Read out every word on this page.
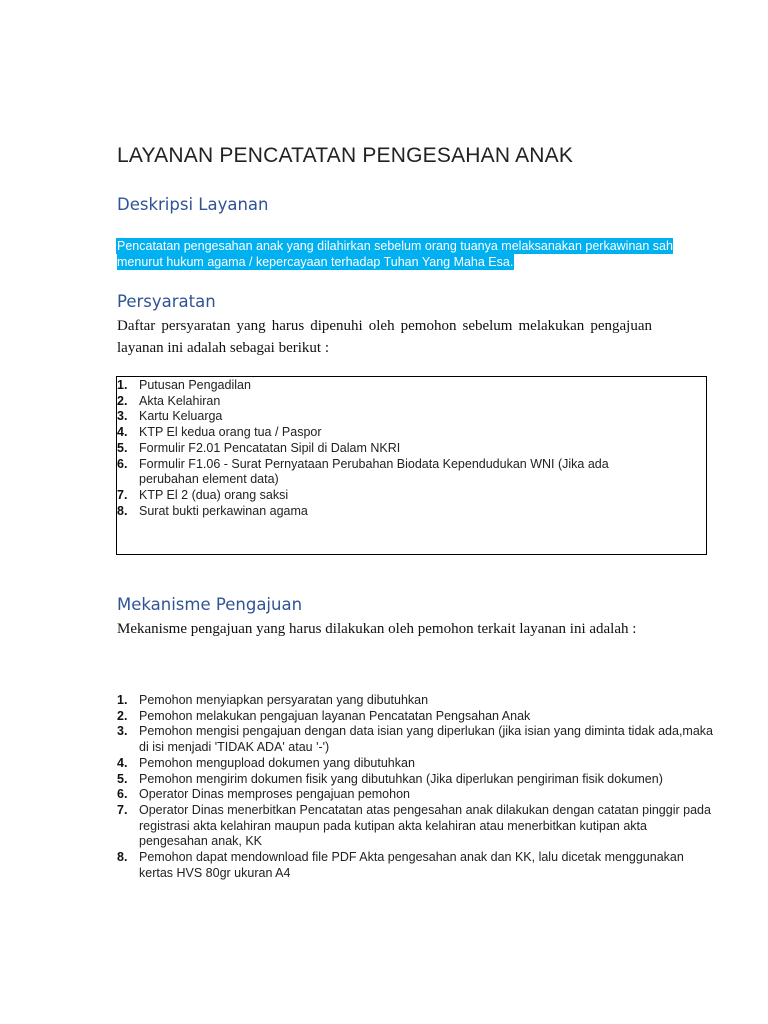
LAYANAN PENCATATAN PENGESAHAN ANAK
Deskripsi Layanan
Pencatatan pengesahan anak yang dilahirkan sebelum orang tuanya melaksanakan perkawinan sah menurut hukum agama / kepercayaan terhadap Tuhan Yang Maha Esa.
Persyaratan
Daftar persyaratan yang harus dipenuhi oleh pemohon sebelum melakukan pengajuan layanan ini adalah sebagai berikut :
1. Putusan Pengadilan
2. Akta Kelahiran
3. Kartu Keluarga
4. KTP El kedua orang tua / Paspor
5. Formulir F2.01 Pencatatan Sipil di Dalam NKRI
6. Formulir F1.06 - Surat Pernyataan Perubahan Biodata Kependudukan WNI (Jika ada perubahan element data)
7. KTP El 2 (dua) orang saksi
8. Surat bukti perkawinan agama
Mekanisme Pengajuan
Mekanisme pengajuan yang harus dilakukan oleh pemohon terkait layanan ini adalah :
1. Pemohon menyiapkan persyaratan yang dibutuhkan
2. Pemohon melakukan pengajuan layanan Pencatatan Pengsahan Anak
3. Pemohon mengisi pengajuan dengan data isian yang diperlukan (jika isian yang diminta tidak ada,maka di isi menjadi 'TIDAK ADA' atau '-')
4. Pemohon mengupload dokumen yang dibutuhkan
5. Pemohon mengirim dokumen fisik yang dibutuhkan (Jika diperlukan pengiriman fisik dokumen)
6. Operator Dinas memproses pengajuan pemohon
7. Operator Dinas menerbitkan Pencatatan atas pengesahan anak dilakukan dengan catatan pinggir pada registrasi akta kelahiran maupun pada kutipan akta kelahiran atau menerbitkan kutipan akta pengesahan anak, KK
8. Pemohon dapat mendownload file PDF Akta pengesahan anak dan KK, lalu dicetak menggunakan kertas HVS 80gr ukuran A4
